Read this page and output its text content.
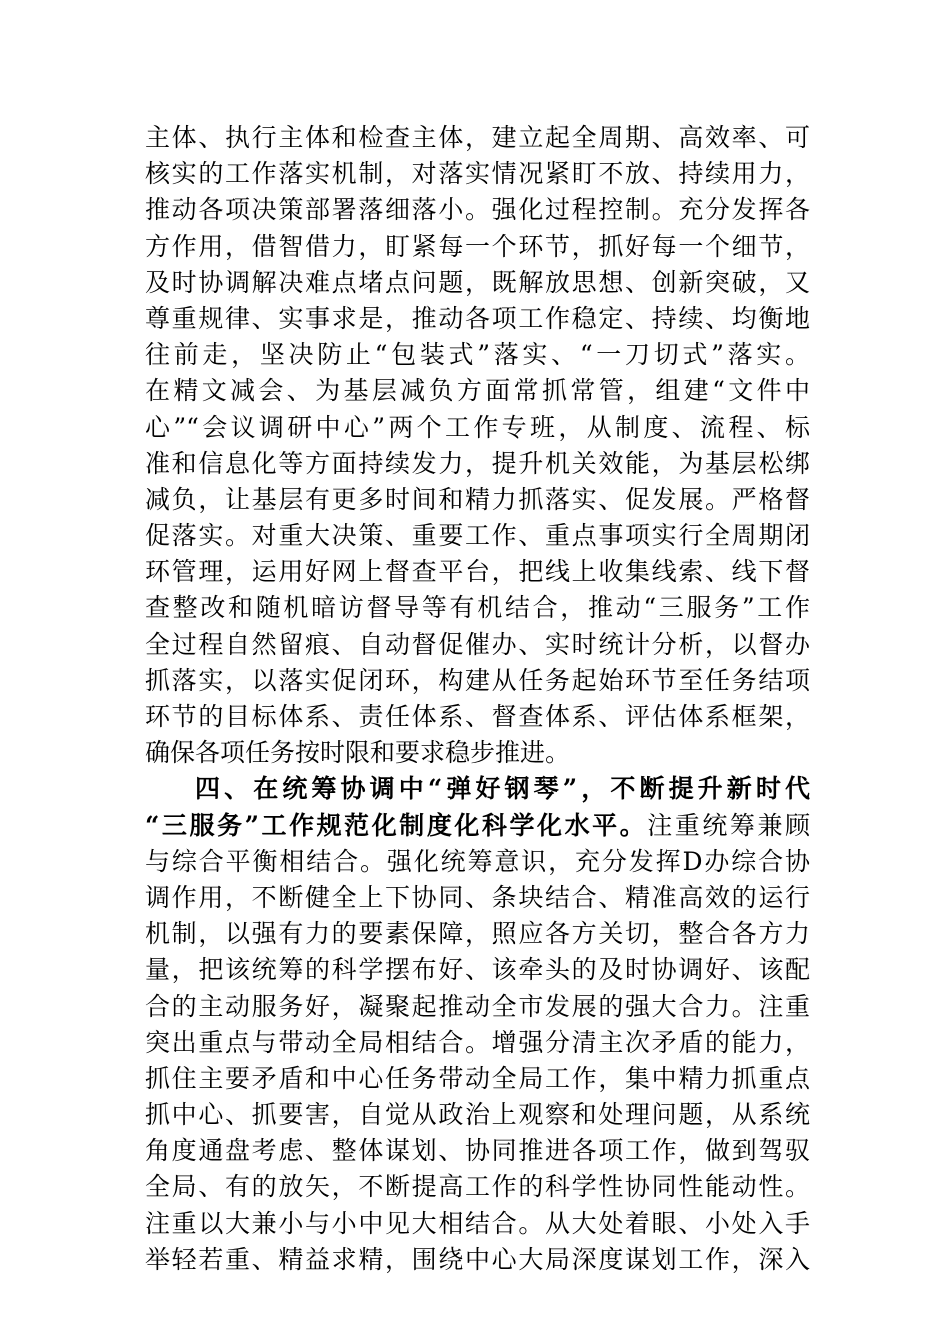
主体、执行主体和检查主体，建立起全周期、高效率、可
核实的工作落实机制，对落实情况紧盯不放、持续用力，
推动各项决策部署落细落小。强化过程控制。充分发挥各
方作用，借智借力，盯紧每一个环节，抓好每一个细节，
及时协调解决难点堵点问题，既解放思想、创新突破，又
尊重规律、实事求是，推动各项工作稳定、持续、均衡地
往前走，坚决防止“包装式”落实、“一刀切式”落实。
在精文减会、为基层减负方面常抓常管，组建“文件中
心”“会议调研中心”两个工作专班，从制度、流程、标
准和信息化等方面持续发力，提升机关效能，为基层松绑
减负，让基层有更多时间和精力抓落实、促发展。严格督
促落实。对重大决策、重要工作、重点事项实行全周期闭
环管理，运用好网上督查平台，把线上收集线索、线下督
查整改和随机暗访督导等有机结合，推动“三服务”工作
全过程自然留痕、自动督促催办、实时统计分析，以督办
抓落实，以落实促闭环，构建从任务起始环节至任务结项
环节的目标体系、责任体系、督查体系、评估体系框架，
确保各项任务按时限和要求稳步推进。
四、在统筹协调中“弹好钢琴”，不断提升新时代
“三服务”工作规范化制度化科学化水平。注重统筹兼顾
与综合平衡相结合。强化统筹意识，充分发挥D办综合协
调作用，不断健全上下协同、条块结合、精准高效的运行
机制，以强有力的要素保障，照应各方关切，整合各方力
量，把该统筹的科学摆布好、该牵头的及时协调好、该配
合的主动服务好，凝聚起推动全市发展的强大合力。注重
突出重点与带动全局相结合。增强分清主次矛盾的能力，
抓住主要矛盾和中心任务带动全局工作，集中精力抓重点
抓中心、抓要害，自觉从政治上观察和处理问题，从系统
角度通盘考虑、整体谋划、协同推进各项工作，做到驾驭
全局、有的放矢，不断提高工作的科学性协同性能动性。
注重以大兼小与小中见大相结合。从大处着眼、小处入手
举轻若重、精益求精，围绕中心大局深度谋划工作，深入
